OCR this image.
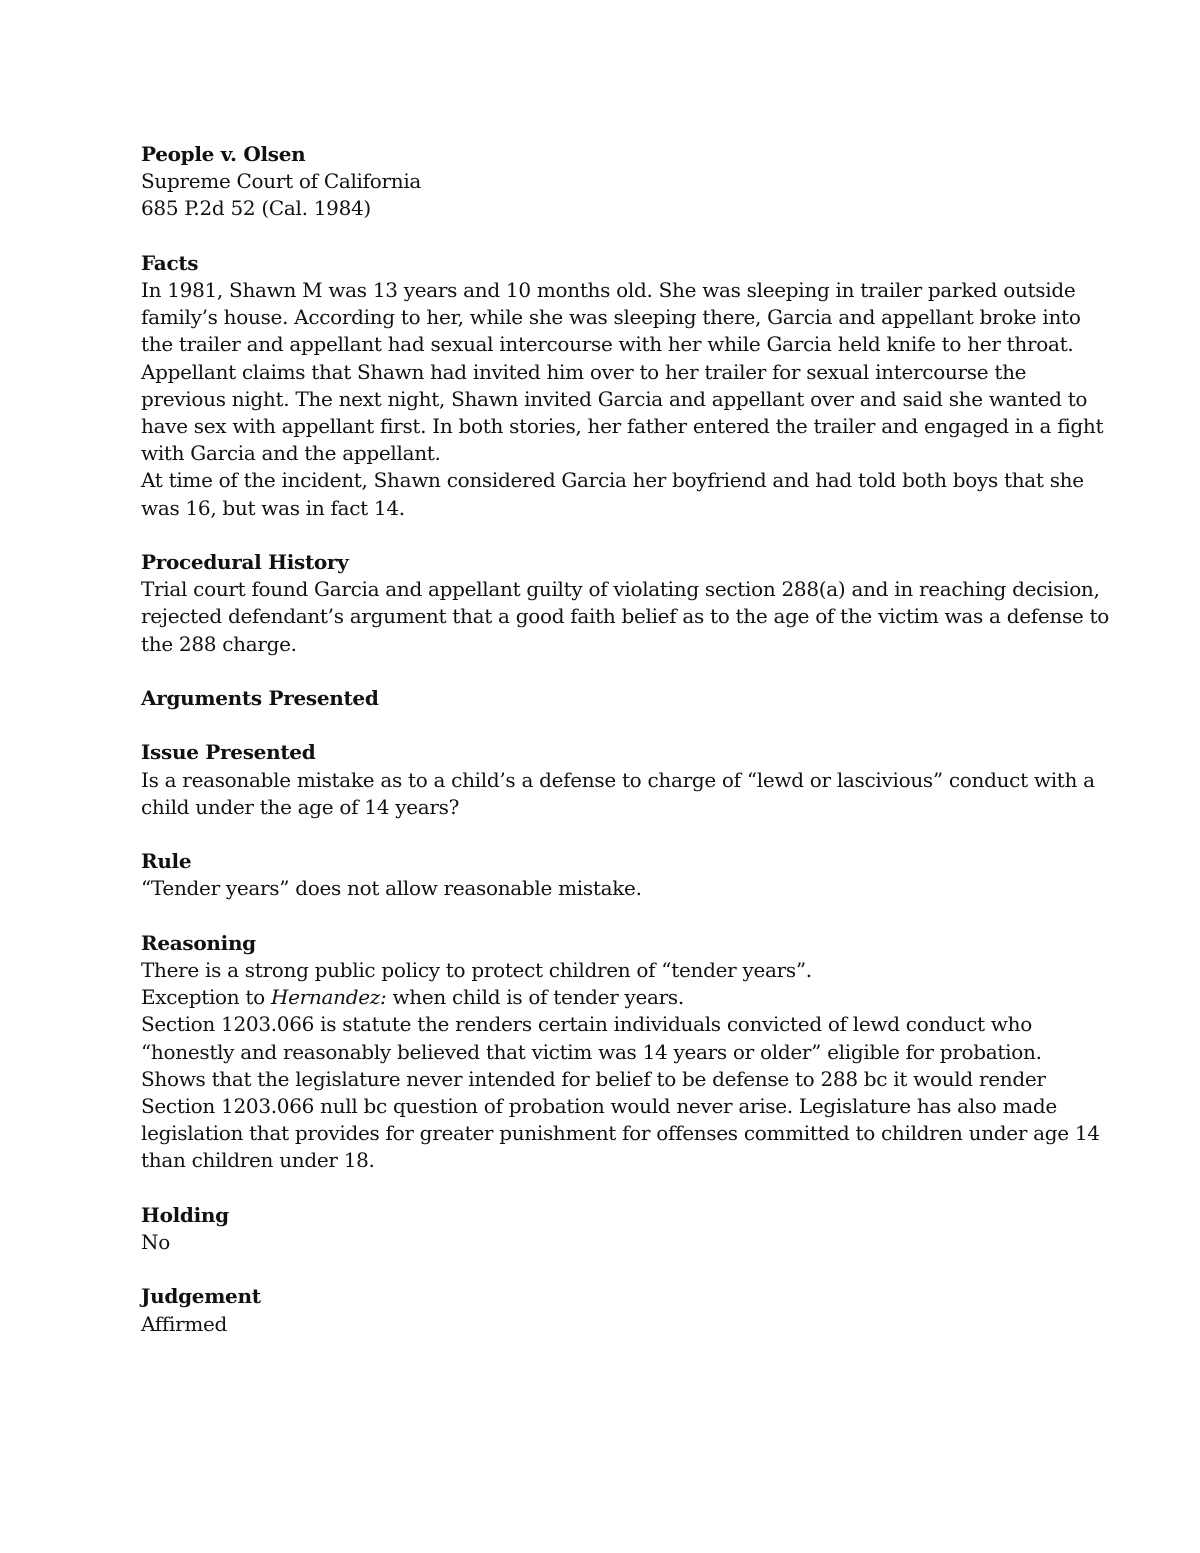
People v. Olsen
Supreme Court of California
685 P.2d 52 (Cal. 1984)
Facts
In 1981, Shawn M was 13 years and 10 months old. She was sleeping in trailer parked outside
family’s house. According to her, while she was sleeping there, Garcia and appellant broke into
the trailer and appellant had sexual intercourse with her while Garcia held knife to her throat.
Appellant claims that Shawn had invited him over to her trailer for sexual intercourse the
previous night. The next night, Shawn invited Garcia and appellant over and said she wanted to
have sex with appellant first. In both stories, her father entered the trailer and engaged in a fight
with Garcia and the appellant.
At time of the incident, Shawn considered Garcia her boyfriend and had told both boys that she
was 16, but was in fact 14.
Procedural History
Trial court found Garcia and appellant guilty of violating section 288(a) and in reaching decision,
rejected defendant’s argument that a good faith belief as to the age of the victim was a defense to
the 288 charge.
Arguments Presented
Issue Presented
Is a reasonable mistake as to a child’s a defense to charge of “lewd or lascivious” conduct with a
child under the age of 14 years?
Rule
“Tender years” does not allow reasonable mistake.
Reasoning
There is a strong public policy to protect children of “tender years”.
Exception to Hernandez: when child is of tender years.
Section 1203.066 is statute the renders certain individuals convicted of lewd conduct who
“honestly and reasonably believed that victim was 14 years or older” eligible for probation.
Shows that the legislature never intended for belief to be defense to 288 bc it would render
Section 1203.066 null bc question of probation would never arise. Legislature has also made
legislation that provides for greater punishment for offenses committed to children under age 14
than children under 18.
Holding
No
Judgement
Affirmed
